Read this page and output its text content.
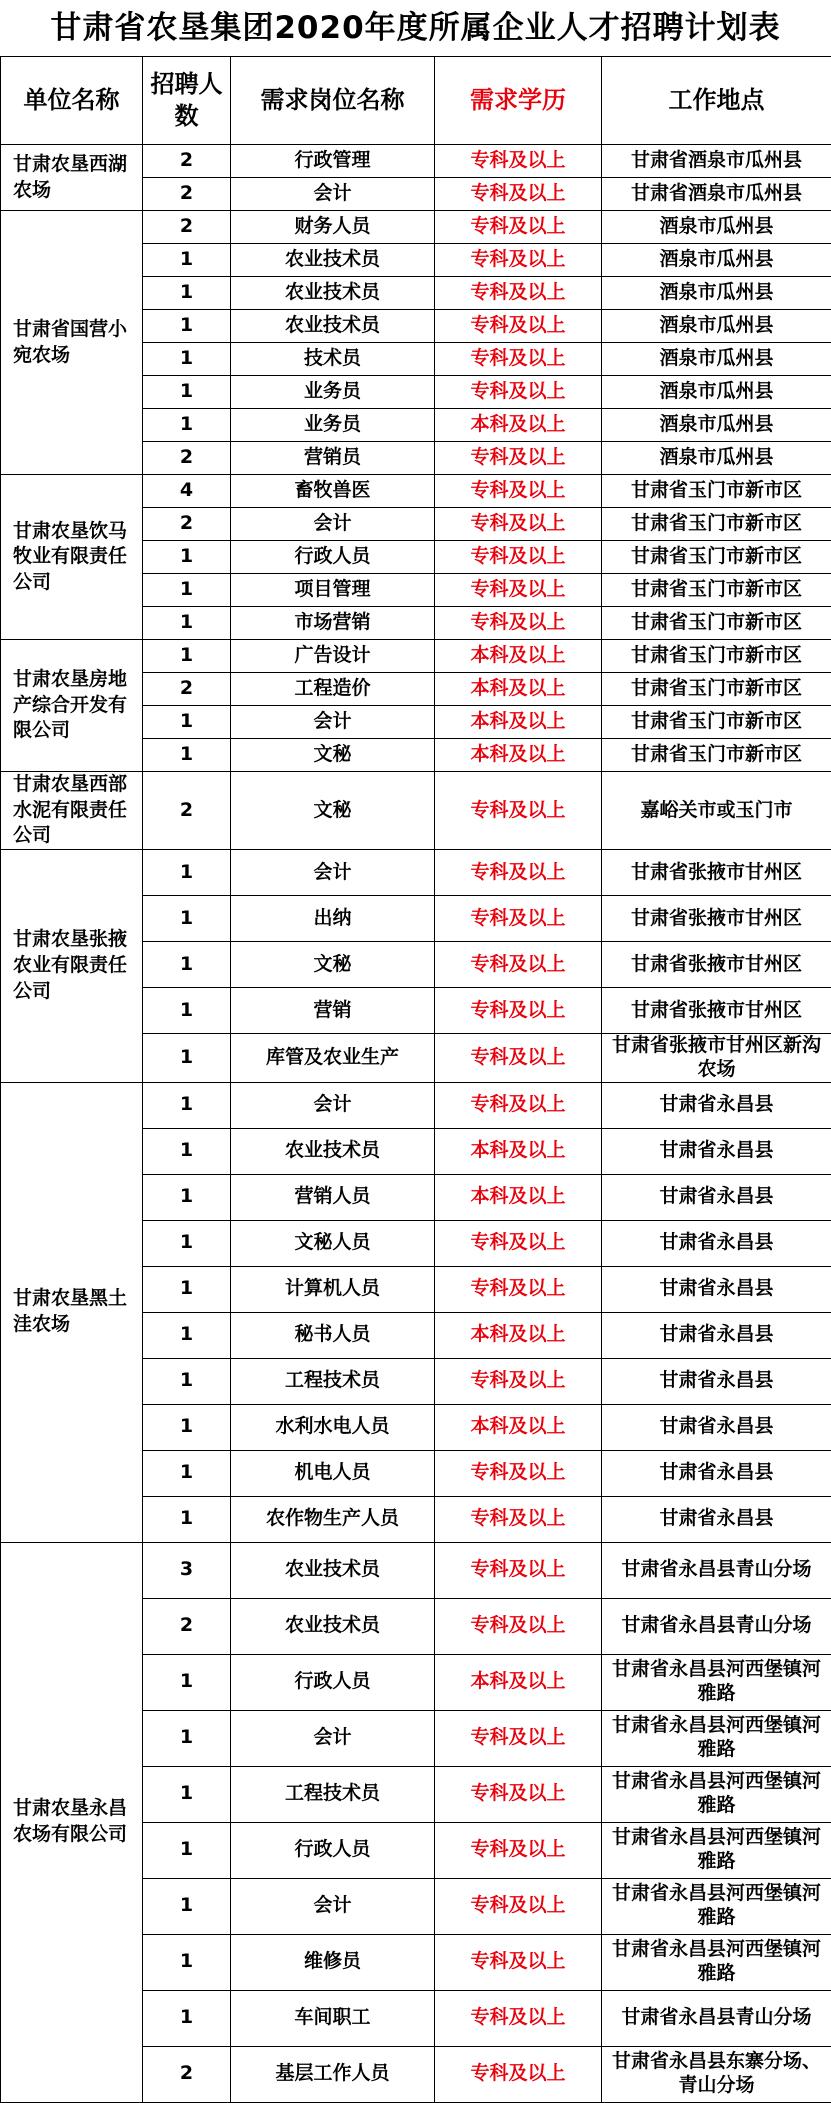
甘肃省农垦集团2020年度所属企业人才招聘计划表
单位名称	招聘人数	需求岗位名称	需求学历	工作地点

甘肃农垦西湖
农场	2	行政管理	专科及以上	甘肃省酒泉市瓜州县
	2	会计	专科及以上	甘肃省酒泉市瓜州县

甘肃省国营小
宛农场	2	财务人员	专科及以上	酒泉市瓜州县
	1	农业技术员	专科及以上	酒泉市瓜州县
	1	农业技术员	专科及以上	酒泉市瓜州县
	1	农业技术员	专科及以上	酒泉市瓜州县
	1	技术员	专科及以上	酒泉市瓜州县
	1	业务员	专科及以上	酒泉市瓜州县
	1	业务员	本科及以上	酒泉市瓜州县
	2	营销员	专科及以上	酒泉市瓜州县

甘肃农垦饮马
牧业有限责任
公司	4	畜牧兽医	专科及以上	甘肃省玉门市新市区
	2	会计	专科及以上	甘肃省玉门市新市区
	1	行政人员	专科及以上	甘肃省玉门市新市区
	1	项目管理	专科及以上	甘肃省玉门市新市区
	1	市场营销	专科及以上	甘肃省玉门市新市区

甘肃农垦房地
产综合开发有
限公司	1	广告设计	本科及以上	甘肃省玉门市新市区
	2	工程造价	本科及以上	甘肃省玉门市新市区
	1	会计	本科及以上	甘肃省玉门市新市区
	1	文秘	本科及以上	甘肃省玉门市新市区

甘肃农垦西部
水泥有限责任
公司	2	文秘	专科及以上	嘉峪关市或玉门市

甘肃农垦张掖
农业有限责任
公司	1	会计	专科及以上	甘肃省张掖市甘州区
	1	出纳	专科及以上	甘肃省张掖市甘州区
	1	文秘	专科及以上	甘肃省张掖市甘州区
	1	营销	专科及以上	甘肃省张掖市甘州区
	1	库管及农业生产	专科及以上	甘肃省张掖市甘州区新沟农场

甘肃农垦黑土
洼农场	1	会计	专科及以上	甘肃省永昌县
	1	农业技术员	本科及以上	甘肃省永昌县
	1	营销人员	本科及以上	甘肃省永昌县
	1	文秘人员	专科及以上	甘肃省永昌县
	1	计算机人员	专科及以上	甘肃省永昌县
	1	秘书人员	本科及以上	甘肃省永昌县
	1	工程技术员	专科及以上	甘肃省永昌县
	1	水利水电人员	本科及以上	甘肃省永昌县
	1	机电人员	专科及以上	甘肃省永昌县
	1	农作物生产人员	专科及以上	甘肃省永昌县

甘肃农垦永昌
农场有限公司	3	农业技术员	专科及以上	甘肃省永昌县青山分场
	2	农业技术员	专科及以上	甘肃省永昌县青山分场
	1	行政人员	本科及以上	甘肃省永昌县河西堡镇河雅路
	1	会计	专科及以上	甘肃省永昌县河西堡镇河雅路
	1	工程技术员	专科及以上	甘肃省永昌县河西堡镇河雅路
	1	行政人员	专科及以上	甘肃省永昌县河西堡镇河雅路
	1	会计	专科及以上	甘肃省永昌县河西堡镇河雅路
	1	维修员	专科及以上	甘肃省永昌县河西堡镇河雅路
	1	车间职工	专科及以上	甘肃省永昌县青山分场
	2	基层工作人员	专科及以上	甘肃省永昌县东寨分场、青山分场
